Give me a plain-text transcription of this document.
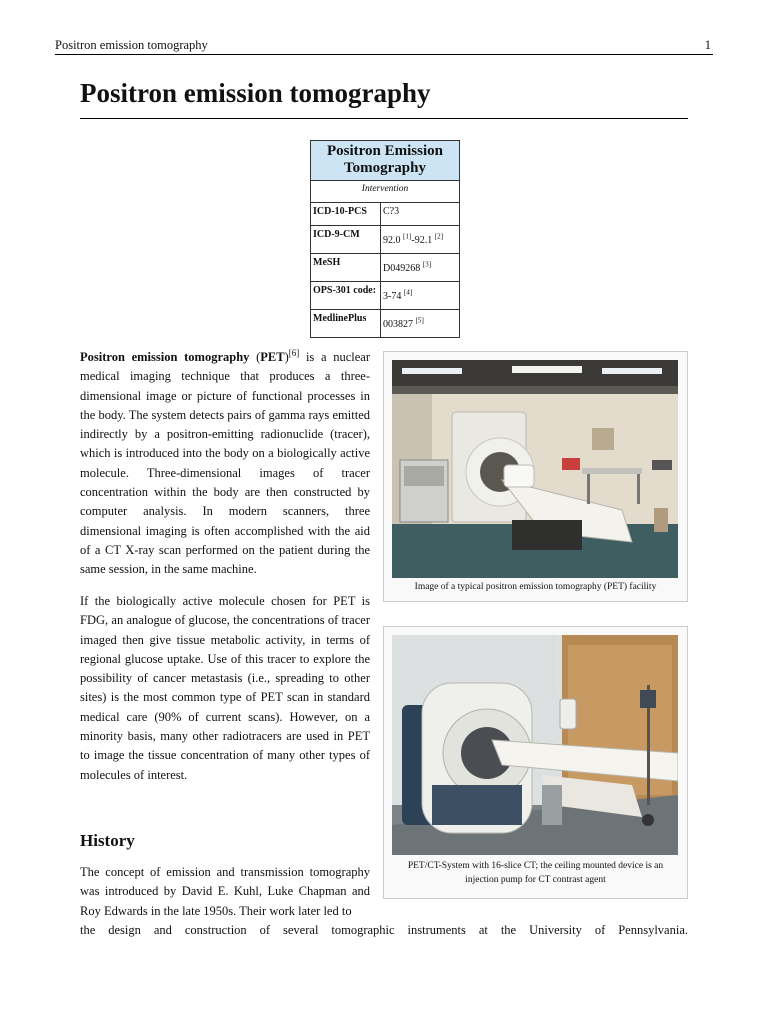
Positron emission tomography	1
Positron emission tomography
Positron Emission Tomography
Intervention
ICD-10-PCS	C?3
ICD-9-CM
92.0 [1]-92.1 [2]
MeSH
D049268 [3]
OPS-301 code:
3-74 [4]
MedlinePlus
003827 [5]
Positron emission tomography (PET)[6] is a nuclear medical imaging technique that produces a three-dimensional image or picture of functional processes in the body. The system detects pairs of gamma rays emitted indirectly by a positron-emitting radionuclide (tracer), which is introduced into the body on a biologically active molecule. Three-dimensional images of tracer concentration within the body are then constructed by computer analysis. In modern scanners, three dimensional imaging is often accomplished with the aid of a CT X-ray scan performed on the patient during the same session, in the same machine.
If the biologically active molecule chosen for PET is FDG, an analogue of glucose, the concentrations of tracer imaged then give tissue metabolic activity, in terms of regional glucose uptake. Use of this tracer to explore the possibility of cancer metastasis (i.e., spreading to other sites) is the most common type of PET scan in standard medical care (90% of current scans). However, on a minority basis, many other radiotracers are used in PET to image the tissue concentration of many other types of molecules of interest.
History
The concept of emission and transmission tomography was introduced by David E. Kuhl, Luke Chapman and Roy Edwards in the late 1950s. Their work later led to
the design and construction of several tomographic instruments at the University of Pennsylvania.
Image of a typical positron emission tomography (PET) facility
PET/CT-System with 16-slice CT; the ceiling mounted device is an injection pump for CT contrast agent
